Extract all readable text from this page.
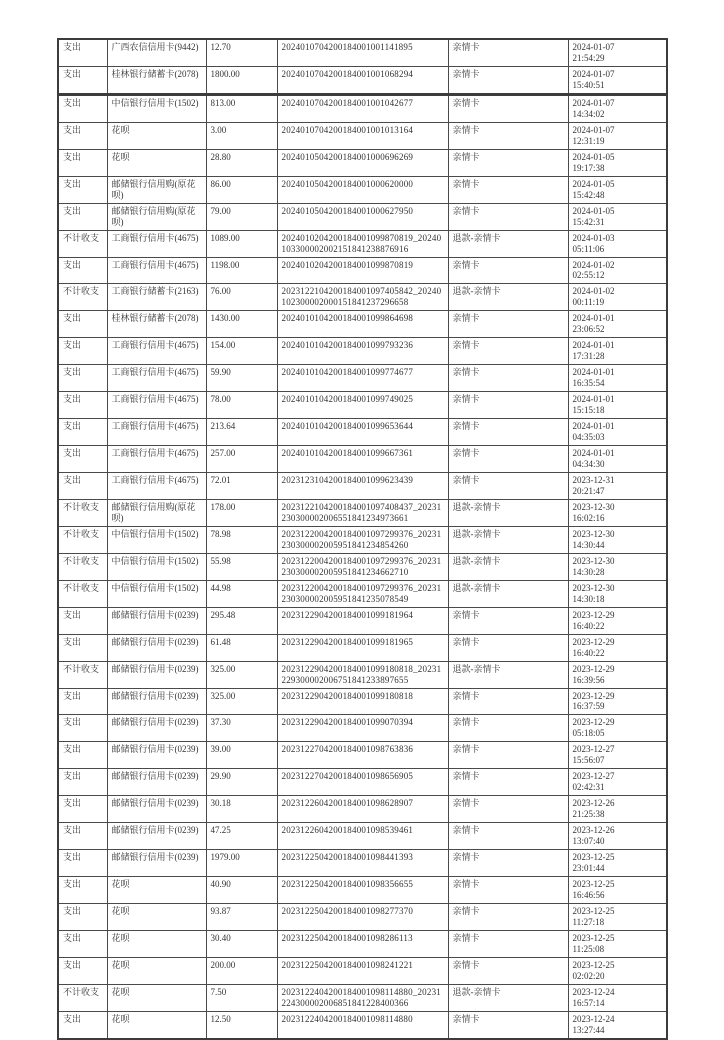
支出	广西农信信用卡(9442)	12.70	2024010704200184001001141895	亲情卡	2024-01-07
21:54:29

支出	桂林银行储蓄卡(2078)	1800.00	2024010704200184001001068294	亲情卡	2024-01-07
15:40:51
支出	中信银行信用卡(1502)	813.00	2024010704200184001001042677	亲情卡	2024-01-07
14:34:02

支出	花呗	3.00	2024010704200184001001013164	亲情卡	2024-01-07
12:31:19

支出	花呗	28.80	2024010504200184001000696269	亲情卡	2024-01-05
19:17:38

支出	邮储银行信用购(原花呗)	86.00	2024010504200184001000620000	亲情卡	2024-01-05
15:42:48

支出	邮储银行信用购(原花呗)	79.00	2024010504200184001000627950	亲情卡	2024-01-05
15:42:31

不计收支	工商银行信用卡(4675)	1089.00	2024010204200184001099870819_20240103300002002151841238876916	退款-亲情卡	2024-01-03
05:11:06

支出	工商银行信用卡(4675)	1198.00	2024010204200184001099870819	亲情卡	2024-01-02
02:55:12

不计收支	工商银行储蓄卡(2163)	76.00	2023122104200184001097405842_20240102300002000151841237296658	退款-亲情卡	2024-01-02
00:11:19

支出	桂林银行储蓄卡(2078)	1430.00	2024010104200184001099864698	亲情卡	2024-01-01
23:06:52

支出	工商银行信用卡(4675)	154.00	2024010104200184001099793236	亲情卡	2024-01-01
17:31:28

支出	工商银行信用卡(4675)	59.90	2024010104200184001099774677	亲情卡	2024-01-01
16:35:54

支出	工商银行信用卡(4675)	78.00	2024010104200184001099749025	亲情卡	2024-01-01
15:15:18

支出	工商银行信用卡(4675)	213.64	2024010104200184001099653644	亲情卡	2024-01-01
04:35:03

支出	工商银行信用卡(4675)	257.00	2024010104200184001099667361	亲情卡	2024-01-01
04:34:30

支出	工商银行信用卡(4675)	72.01	2023123104200184001099623439	亲情卡	2023-12-31
20:21:47

不计收支	邮储银行信用购(原花呗)	178.00	2023122104200184001097408437_20231230300002006551841234973661	退款-亲情卡	2023-12-30
16:02:16

不计收支	中信银行信用卡(1502)	78.98	2023122004200184001097299376_20231230300002005951841234854260	退款-亲情卡	2023-12-30
14:30:44

不计收支	中信银行信用卡(1502)	55.98	2023122004200184001097299376_20231230300002005951841234662710	退款-亲情卡	2023-12-30
14:30:28

不计收支	中信银行信用卡(1502)	44.98	2023122004200184001097299376_20231230300002005951841235078549	退款-亲情卡	2023-12-30
14:30:18

支出	邮储银行信用卡(0239)	295.48	2023122904200184001099181964	亲情卡	2023-12-29
16:40:22

支出	邮储银行信用卡(0239)	61.48	2023122904200184001099181965	亲情卡	2023-12-29
16:40:22

不计收支	邮储银行信用卡(0239)	325.00	2023122904200184001099180818_20231229300002006751841233897655	退款-亲情卡	2023-12-29
16:39:56

支出	邮储银行信用卡(0239)	325.00	2023122904200184001099180818	亲情卡	2023-12-29
16:37:59

支出	邮储银行信用卡(0239)	37.30	2023122904200184001099070394	亲情卡	2023-12-29
05:18:05

支出	邮储银行信用卡(0239)	39.00	2023122704200184001098763836	亲情卡	2023-12-27
15:56:07

支出	邮储银行信用卡(0239)	29.90	2023122704200184001098656905	亲情卡	2023-12-27
02:42:31

支出	邮储银行信用卡(0239)	30.18	2023122604200184001098628907	亲情卡	2023-12-26
21:25:38

支出	邮储银行信用卡(0239)	47.25	2023122604200184001098539461	亲情卡	2023-12-26
13:07:40

支出	邮储银行信用卡(0239)	1979.00	2023122504200184001098441393	亲情卡	2023-12-25
23:01:44

支出	花呗	40.90	2023122504200184001098356655	亲情卡	2023-12-25
16:46:56

支出	花呗	93.87	2023122504200184001098277370	亲情卡	2023-12-25
11:27:18

支出	花呗	30.40	2023122504200184001098286113	亲情卡	2023-12-25
11:25:08

支出	花呗	200.00	2023122504200184001098241221	亲情卡	2023-12-25
02:02:20

不计收支	花呗	7.50	2023122404200184001098114880_20231224300002006851841228400366	退款-亲情卡	2023-12-24
16:57:14

支出	花呗	12.50	2023122404200184001098114880	亲情卡	2023-12-24
13:27:44
